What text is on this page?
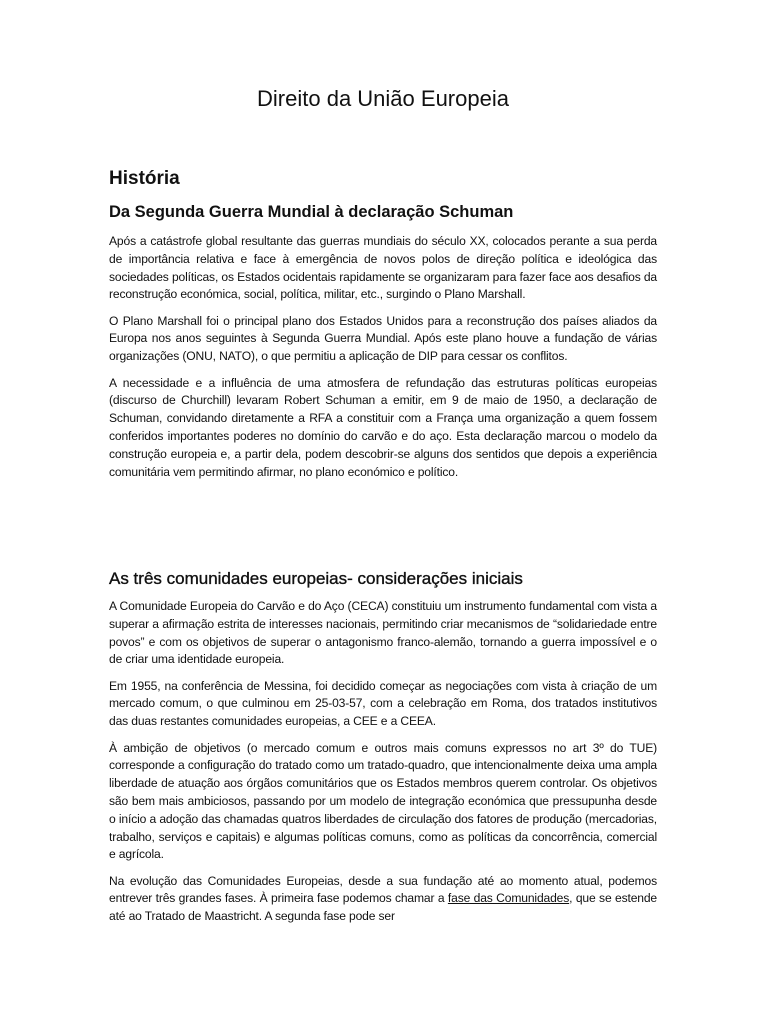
Direito da União Europeia
História
Da Segunda Guerra Mundial à declaração Schuman

Após a catástrofe global resultante das guerras mundiais do século XX, colocados perante a sua perda de importância relativa e face à emergência de novos polos de direção política e ideológica das sociedades políticas, os Estados ocidentais rapidamente se organizaram para fazer face aos desafios da reconstrução económica, social, política, militar, etc., surgindo o Plano Marshall.

O Plano Marshall foi o principal plano dos Estados Unidos para a reconstrução dos países aliados da Europa nos anos seguintes à Segunda Guerra Mundial. Após este plano houve a fundação de várias organizações (ONU, NATO), o que permitiu a aplicação de DIP para cessar os conflitos.

A necessidade e a influência de uma atmosfera de refundação das estruturas políticas europeias (discurso de Churchill) levaram Robert Schuman a emitir, em 9 de maio de 1950, a declaração de Schuman, convidando diretamente a RFA a constituir com a França uma organização a quem fossem conferidos importantes poderes no domínio do carvão e do aço. Esta declaração marcou o modelo da construção europeia e, a partir dela, podem descobrir-se alguns dos sentidos que depois a experiência comunitária vem permitindo afirmar, no plano económico e político.

As três comunidades europeias- considerações iniciais

A Comunidade Europeia do Carvão e do Aço (CECA) constituiu um instrumento fundamental com vista a superar a afirmação estrita de interesses nacionais, permitindo criar mecanismos de “solidariedade entre povos” e com os objetivos de superar o antagonismo franco-alemão, tornando a guerra impossível e o de criar uma identidade europeia.

Em 1955, na conferência de Messina, foi decidido começar as negociações com vista à criação de um mercado comum, o que culminou em 25-03-57, com a celebração em Roma, dos tratados institutivos das duas restantes comunidades europeias, a CEE e a CEEA.

À ambição de objetivos (o mercado comum e outros mais comuns expressos no art 3º do TUE) corresponde a configuração do tratado como um tratado-quadro, que intencionalmente deixa uma ampla liberdade de atuação aos órgãos comunitários que os Estados membros querem controlar. Os objetivos são bem mais ambiciosos, passando por um modelo de integração económica que pressupunha desde o início a adoção das chamadas quatros liberdades de circulação dos fatores de produção (mercadorias, trabalho, serviços e capitais) e algumas políticas comuns, como as políticas da concorrência, comercial e agrícola.

Na evolução das Comunidades Europeias, desde a sua fundação até ao momento atual, podemos entrever três grandes fases. À primeira fase podemos chamar a fase das Comunidades, que se estende até ao Tratado de Maastricht. A segunda fase pode ser
